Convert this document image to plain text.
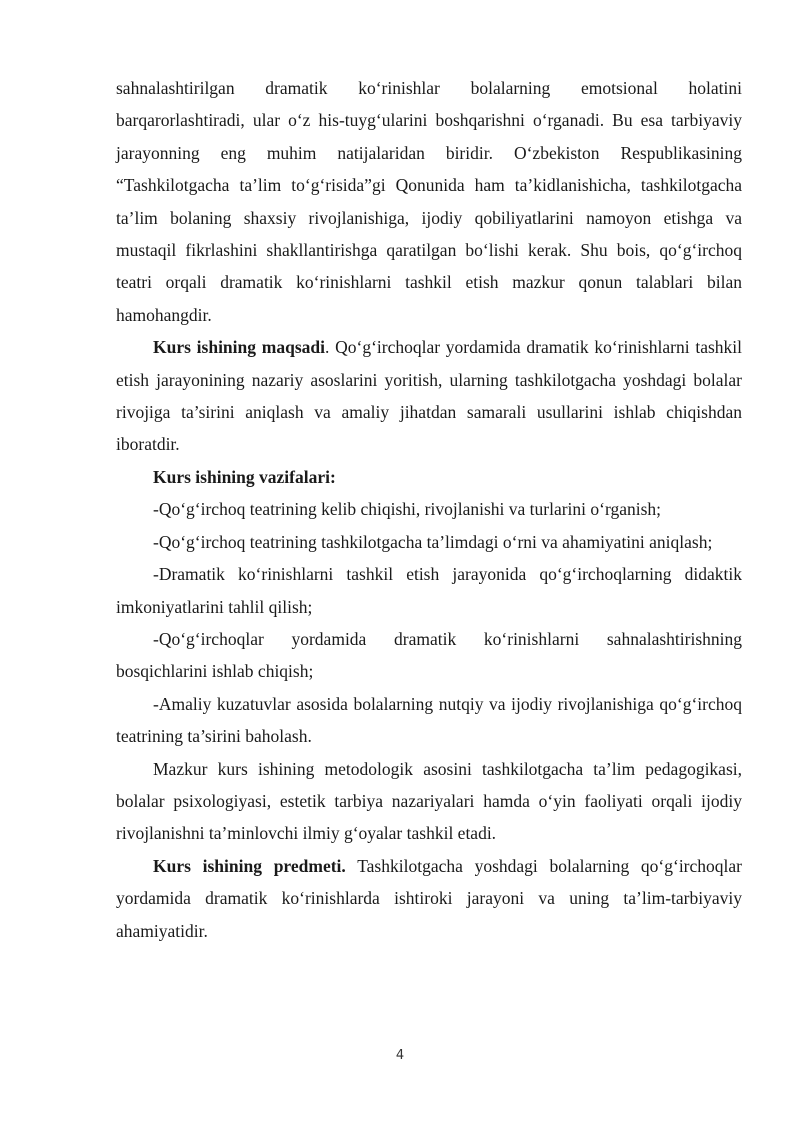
sahnalashtirilgan dramatik ko‘rinishlar bolalarning emotsional holatini barqarorlashtiradi, ular o‘z his-tuyg‘ularini boshqarishni o‘rganadi. Bu esa tarbiyaviy jarayonning eng muhim natijalaridan biridir. O‘zbekiston Respublikasining “Tashkilotgacha ta’lim to‘g‘risida”gi Qonunida ham ta’kidlanishicha, tashkilotgacha ta’lim bolaning shaxsiy rivojlanishiga, ijodiy qobiliyatlarini namoyon etishga va mustaqil fikrlashini shakllantirishga qaratilgan bo‘lishi kerak. Shu bois, qo‘g‘irchoq teatri orqali dramatik ko‘rinishlarni tashkil etish mazkur qonun talablari bilan hamohangdir.

Kurs ishining maqsadi. Qo‘g‘irchoqlar yordamida dramatik ko‘rinishlarni tashkil etish jarayonining nazariy asoslarini yoritish, ularning tashkilotgacha yoshdagi bolalar rivojiga ta’sirini aniqlash va amaliy jihatdan samarali usullarini ishlab chiqishdan iboratdir.

Kurs ishining vazifalari:

-Qo‘g‘irchoq teatrining kelib chiqishi, rivojlanishi va turlarini o‘rganish;

-Qo‘g‘irchoq teatrining tashkilotgacha ta’limdagi o‘rni va ahamiyatini aniqlash;

-Dramatik ko‘rinishlarni tashkil etish jarayonida qo‘g‘irchoqlarning didaktik imkoniyatlarini tahlil qilish;

-Qo‘g‘irchoqlar yordamida dramatik ko‘rinishlarni sahnalashtirishning bosqichlarini ishlab chiqish;

-Amaliy kuzatuvlar asosida bolalarning nutqiy va ijodiy rivojlanishiga qo‘g‘irchoq teatrining ta’sirini baholash.

Mazkur kurs ishining metodologik asosini tashkilotgacha ta’lim pedagogikasi, bolalar psixologiyasi, estetik tarbiya nazariyalari hamda o‘yin faoliyati orqali ijodiy rivojlanishni ta’minlovchi ilmiy g‘oyalar tashkil etadi.

Kurs ishining predmeti. Tashkilotgacha yoshdagi bolalarning qo‘g‘irchoqlar yordamida dramatik ko‘rinishlarda ishtiroki jarayoni va uning ta’lim-tarbiyaviy ahamiyatidir.

4
